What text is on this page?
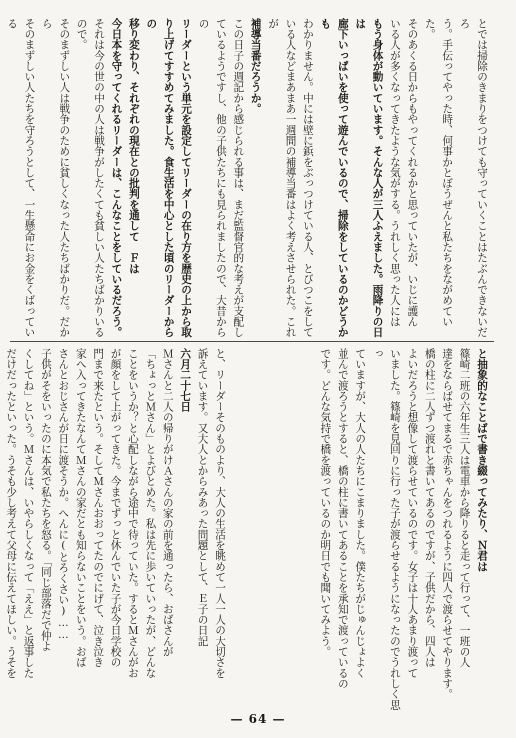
とでは掃除のきまりをつけても守っていくことはたぶんできないだろ

う。手伝ってやった時、何事かとぼうぜんと私たちをながめていた。

そのあくる日からもやってくれるかと思っていたが、いじに護ん

いる人が多くなってきたような気がする。うれしく思った人には

もう身体が動いています。そんな人が三人ふえました。雨降りの日は

廊下いっぱいを使って遊んでいるので、掃除をしているのかどうかも

わかりません。中には壁に鋲をぶっつけている人、とびつこをして

いる人などまあまあ一週間の補導当番はよく考えさせられた。これが

補導当番だろうか。

この日子の週記から感じられる事は、まだ監督官的な考えが支配し

ているようですし、他の子供たちにも見られましたので、大昔からの

リーダーという単元を設定してリーダーの在り方を歴史の上から取

り上げてすすめてみました。食生活を中心とした頃のリーダーからの

移り変わり、それぞれの現在との批判を通して　Ｆは

今日本を守ってくれるリーダーは、こんなことをしているだろう。

それは今の世の中の人は戦争がしたくても貧しい人たちばかりいるので。

そのまずしい人は戦争のために貧しくなった人たちばかりだ。だから

そのまずしい人たちを守ろうとして、一生懸命にお金をくばっている

と抽象的なことばで書き綴ってみたり、Ｎ君は

篠崎二班の六年生三人は電車から降りると走って行って、一班の人

達をならばせてまるで赤ちゃんをつれるように四人で渡らせてやります。

橋の柱に二人ずつ渡れと書いてあるのですが、子供だから、四人は

よいだろうと想像して渡らせているのです。女子は十人あまり渡って

いました。篠崎を見回りに行った子が渡らせるようになったのでうれしく思っ

ていますが、大人の人たちにこまりました。僕たちがじゅんじょよく

並んで渡ろうとすると、橋の柱に書いてあることを承知で渡っているの

です。どんな気持で橋を渡っているのか明日でも聞いてみよう。

と、リーダーそのものより、大人の生活を眺めて一人一人の大切さを

訴えています。又大人とからみあった問題として、Ｅ子の日記

六月二十七日

Ｍさんと二人の帰りがけＡさんの家の前を通ったら、おばさんが

「ちょっとＭさん」とよびとめた。私は先に歩いていったが、どんな

ことをいうか？と心配しながら途中で待っていた。するとＭさんがお

が顔をして上がってきた。今までずっと休んでいた子が今日学校の

門まで来たという。そしてＭさんおおってたのでにげて、泣き泣き

家へ入ってきたなんてＭさんの家だとも知らないことをいう。おば

さんとおじさんが日に渡そうか。へんに(とろくさい)……

子供がそをいったのに本気で私たちを怒る。「同じ部落だで仲よ

くしてね」という。Ｍさんは、いやらしくなって「ええ」と返事した

だけだったといった。うそも少し考えて父母に伝えてほしい。うそを

— 64 —
